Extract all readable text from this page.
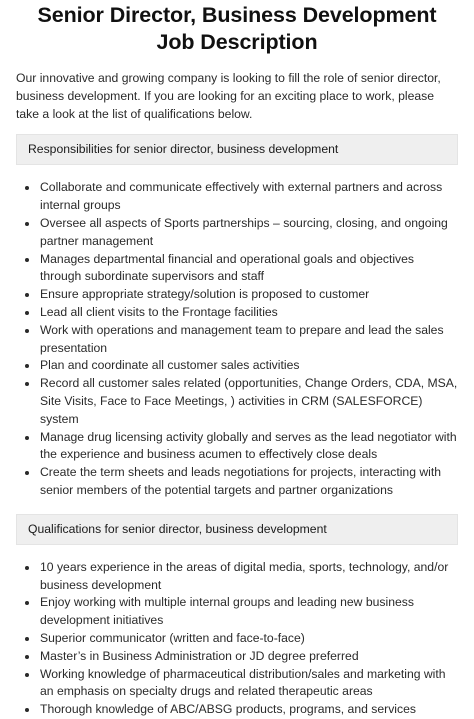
Senior Director, Business Development Job Description

Our innovative and growing company is looking to fill the role of senior director, business development. If you are looking for an exciting place to work, please take a look at the list of qualifications below.

Responsibilities for senior director, business development
Collaborate and communicate effectively with external partners and across internal groups
Oversee all aspects of Sports partnerships – sourcing, closing, and ongoing partner management
Manages departmental financial and operational goals and objectives through subordinate supervisors and staff
Ensure appropriate strategy/solution is proposed to customer
Lead all client visits to the Frontage facilities
Work with operations and management team to prepare and lead the sales presentation
Plan and coordinate all customer sales activities
Record all customer sales related (opportunities, Change Orders, CDA, MSA, Site Visits, Face to Face Meetings, ) activities in CRM (SALESFORCE) system
Manage drug licensing activity globally and serves as the lead negotiator with the experience and business acumen to effectively close deals
Create the term sheets and leads negotiations for projects, interacting with senior members of the potential targets and partner organizations
Qualifications for senior director, business development
10 years experience in the areas of digital media, sports, technology, and/or business development
Enjoy working with multiple internal groups and leading new business development initiatives
Superior communicator (written and face-to-face)
Master’s in Business Administration or JD degree preferred
Working knowledge of pharmaceutical distribution/sales and marketing with an emphasis on specialty drugs and related therapeutic areas
Thorough knowledge of ABC/ABSG products, programs, and services
